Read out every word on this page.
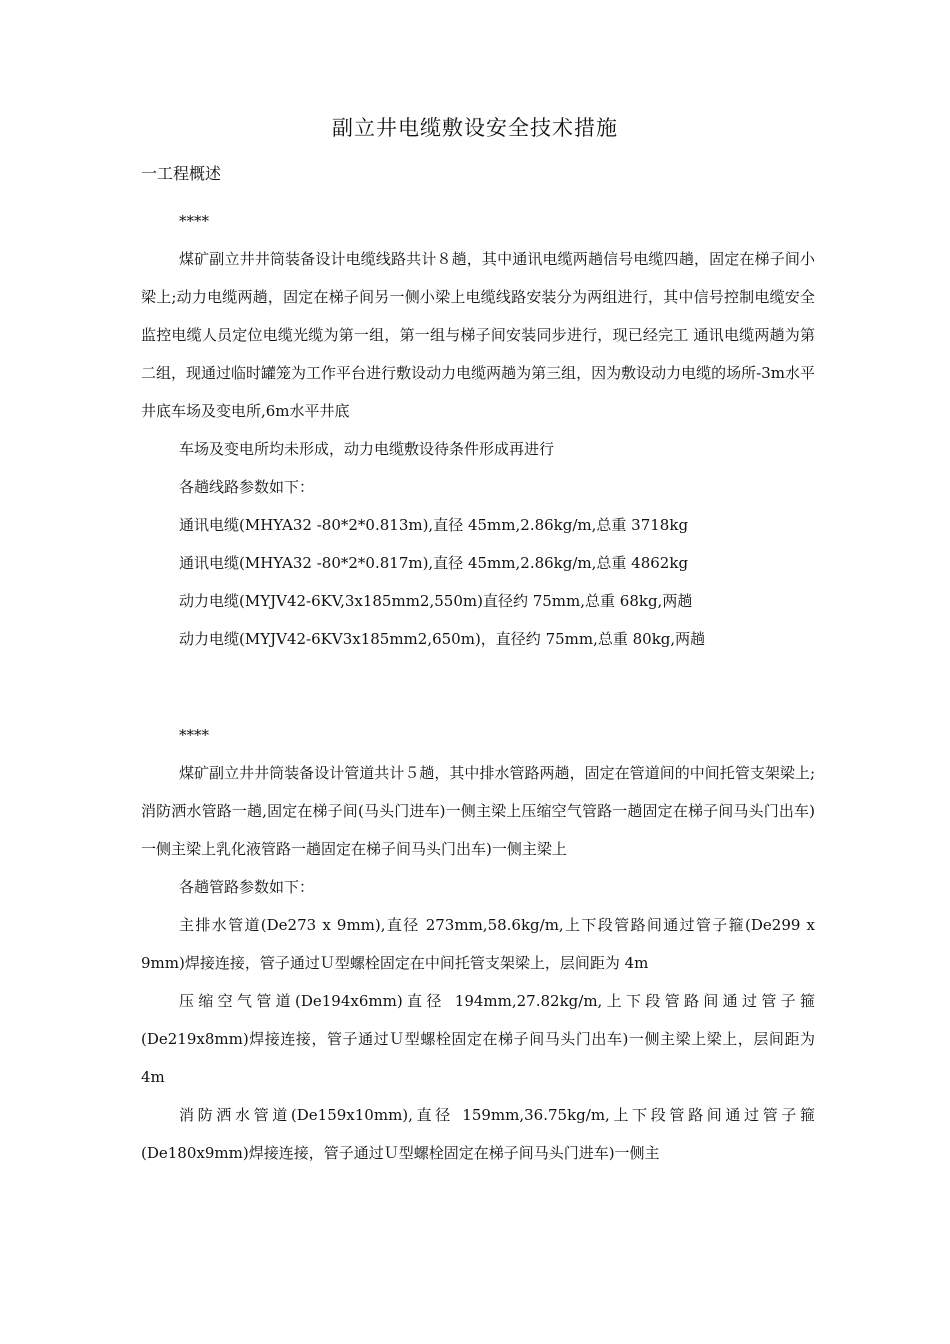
副立井电缆敷设安全技术措施
一工程概述

****

煤矿副立井井筒装备设计电缆线路共计８趟，其中通讯电缆两趟信号电缆四趟，固定在梯子间小梁上;动力电缆两趟，固定在梯子间另一侧小梁上电缆线路安装分为两组进行，其中信号控制电缆安全监控电缆人员定位电缆光缆为第一组，第一组与梯子间安装同步进行，现已经完工 通讯电缆两趟为第二组，现通过临时罐笼为工作平台进行敷设动力电缆两趟为第三组，因为敷设动力电缆的场所-3m水平井底车场及变电所,6m水平井底

车场及变电所均未形成，动力电缆敷设待条件形成再进行

各趟线路参数如下：

通讯电缆(MHYA32 -80*2*0.813m),直径 45mm,2.86kg/m,总重 3718kg

通讯电缆(MHYA32 -80*2*0.817m),直径 45mm,2.86kg/m,总重 4862kg

动力电缆(MYJV42-6KV,3x185mm2,550m)直径约 75mm,总重 68kg,两趟

动力电缆(MYJV42-6KV3x185mm2,650m)，直径约 75mm,总重 80kg,两趟

****

煤矿副立井井筒装备设计管道共计５趟，其中排水管路两趟，固定在管道间的中间托管支架梁上;消防洒水管路一趟,固定在梯子间(马头门进车)一侧主梁上压缩空气管路一趟固定在梯子间马头门出车)一侧主梁上乳化液管路一趟固定在梯子间马头门出车)一侧主梁上

各趟管路参数如下：

主排水管道(De273 x 9mm),直径 273mm,58.6kg/m,上下段管路间通过管子箍(De299 x 9mm)焊接连接，管子通过Ｕ型螺栓固定在中间托管支架梁上，层间距为 4m

压缩空气管道(De194x6mm)直径 194mm,27.82kg/m,上下段管路间通过管子箍(De219x8mm)焊接连接，管子通过Ｕ型螺栓固定在梯子间马头门出车)一侧主梁上梁上，层间距为 4m

消防洒水管道(De159x10mm),直径 159mm,36.75kg/m,上下段管路间通过管子箍(De180x9mm)焊接连接，管子通过Ｕ型螺栓固定在梯子间马头门进车)一侧主
